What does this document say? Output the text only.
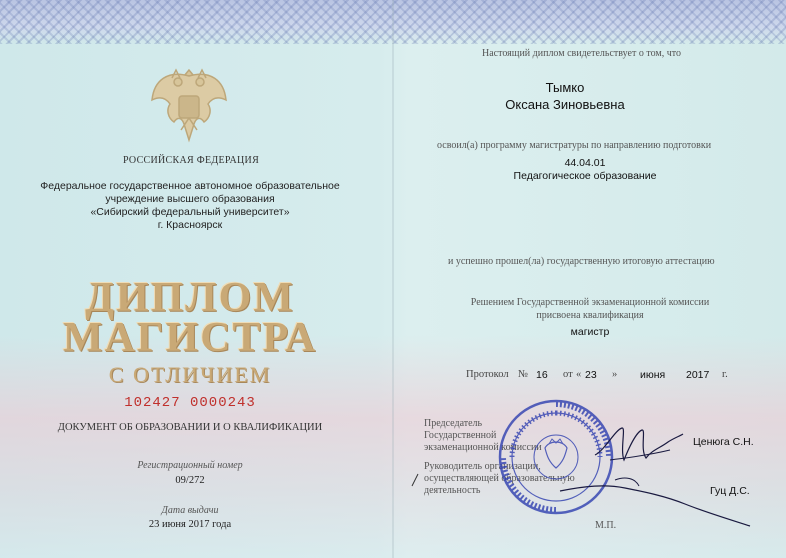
РОССИЙСКАЯ ФЕДЕРАЦИЯ

Федеральное государственное автономное образовательное
учреждение высшего образования
«Сибирский федеральный университет»
г. Красноярск
ДИПЛОМ
МАГИСТРА
С ОТЛИЧИЕМ
102427 0000243
ДОКУМЕНТ ОБ ОБРАЗОВАНИИ И О КВАЛИФИКАЦИИ
Регистрационный номер
09/272
Дата выдачи
23 июня 2017 года
Настоящий диплом свидетельствует о том, что
Тымко
Оксана Зиновьевна
освоил(а) программу магистратуры по направлению подготовки
44.04.01
Педагогическое образование
и успешно прошел(ла) государственную итоговую аттестацию
Решением Государственной экзаменационной комиссии
присвоена квалификация
магистр
Протокол № 16 от « 23 » июня 2017 г.
Председатель
Государственной
экзаменационной комиссии	Ценюга С.Н.
Руководитель организации,
осуществляющей образовательную
деятельность	Гуц Д.С.
М.П.
